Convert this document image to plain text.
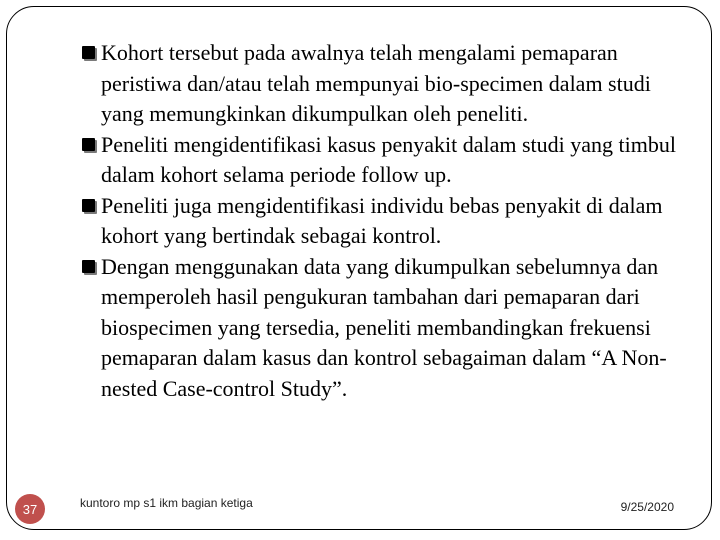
Kohort tersebut pada awalnya telah mengalami pemaparan peristiwa dan/atau telah mempunyai bio-specimen dalam studi yang memungkinkan dikumpulkan oleh peneliti.

Peneliti mengidentifikasi kasus penyakit dalam studi yang timbul dalam kohort selama periode follow up.

Peneliti juga mengidentifikasi individu bebas penyakit di dalam kohort yang bertindak sebagai kontrol.

Dengan menggunakan data yang dikumpulkan sebelumnya dan memperoleh hasil pengukuran tambahan dari pemaparan dari biospecimen yang tersedia, peneliti membandingkan frekuensi pemaparan dalam kasus dan kontrol sebagaiman dalam “A Non-nested Case-control Study”.

37	kuntoro mp s1 ikm bagian ketiga	9/25/2020
